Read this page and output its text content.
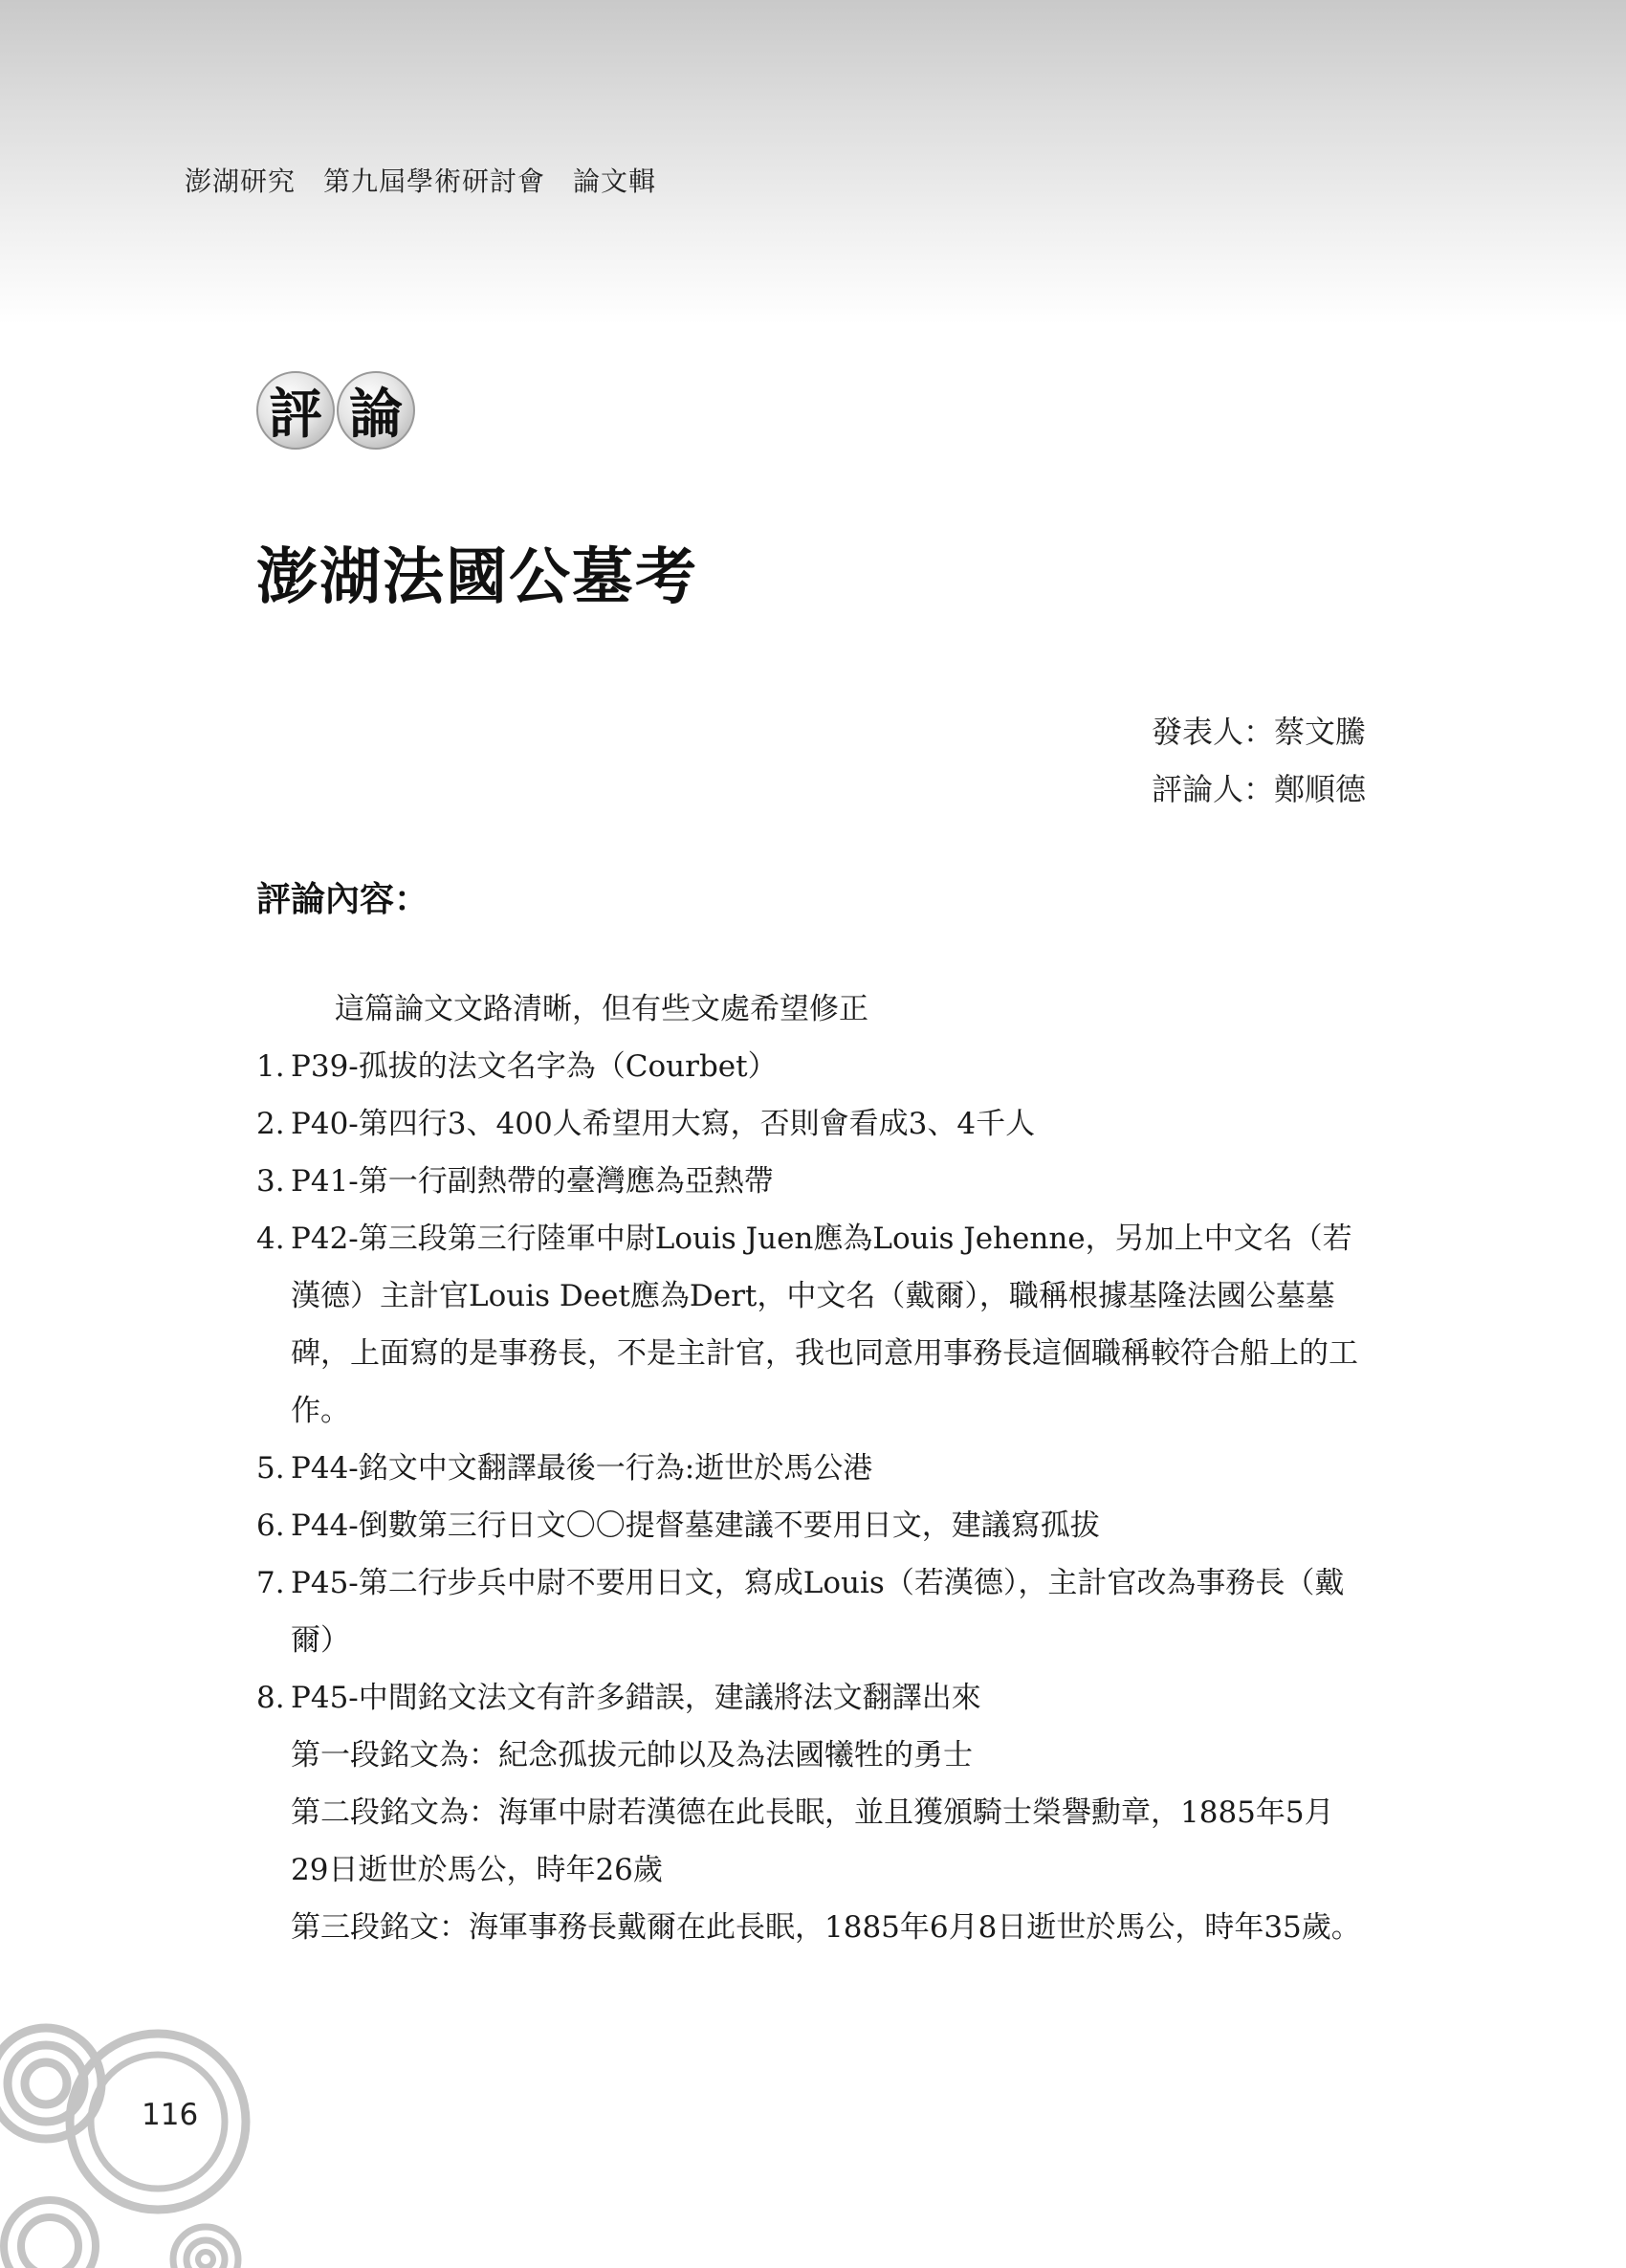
澎湖研究　第九屆學術研討會　論文輯
評 論
澎湖法國公墓考
發表人：蔡文騰
評論人：鄭順德
評論內容：
這篇論文文路清晰，但有些文處希望修正
1. P39-孤拔的法文名字為（Courbet）
2. P40-第四行3、400人希望用大寫，否則會看成3、4千人
3. P41-第一行副熱帶的臺灣應為亞熱帶
4. P42-第三段第三行陸軍中尉Louis Juen應為Louis Jehenne，另加上中文名（若漢德）主計官Louis Deet應為Dert，中文名（戴爾），職稱根據基隆法國公墓墓碑，上面寫的是事務長，不是主計官，我也同意用事務長這個職稱較符合船上的工作。
5. P44-銘文中文翻譯最後一行為:逝世於馬公港
6. P44-倒數第三行日文〇〇提督墓建議不要用日文，建議寫孤拔
7. P45-第二行步兵中尉不要用日文，寫成Louis（若漢德），主計官改為事務長（戴爾）
8. P45-中間銘文法文有許多錯誤，建議將法文翻譯出來
第一段銘文為：紀念孤拔元帥以及為法國犧牲的勇士
第二段銘文為：海軍中尉若漢德在此長眠，並且獲頒騎士榮譽勳章，1885年5月29日逝世於馬公，時年26歲
第三段銘文：海軍事務長戴爾在此長眠，1885年6月8日逝世於馬公，時年35歲。
116
